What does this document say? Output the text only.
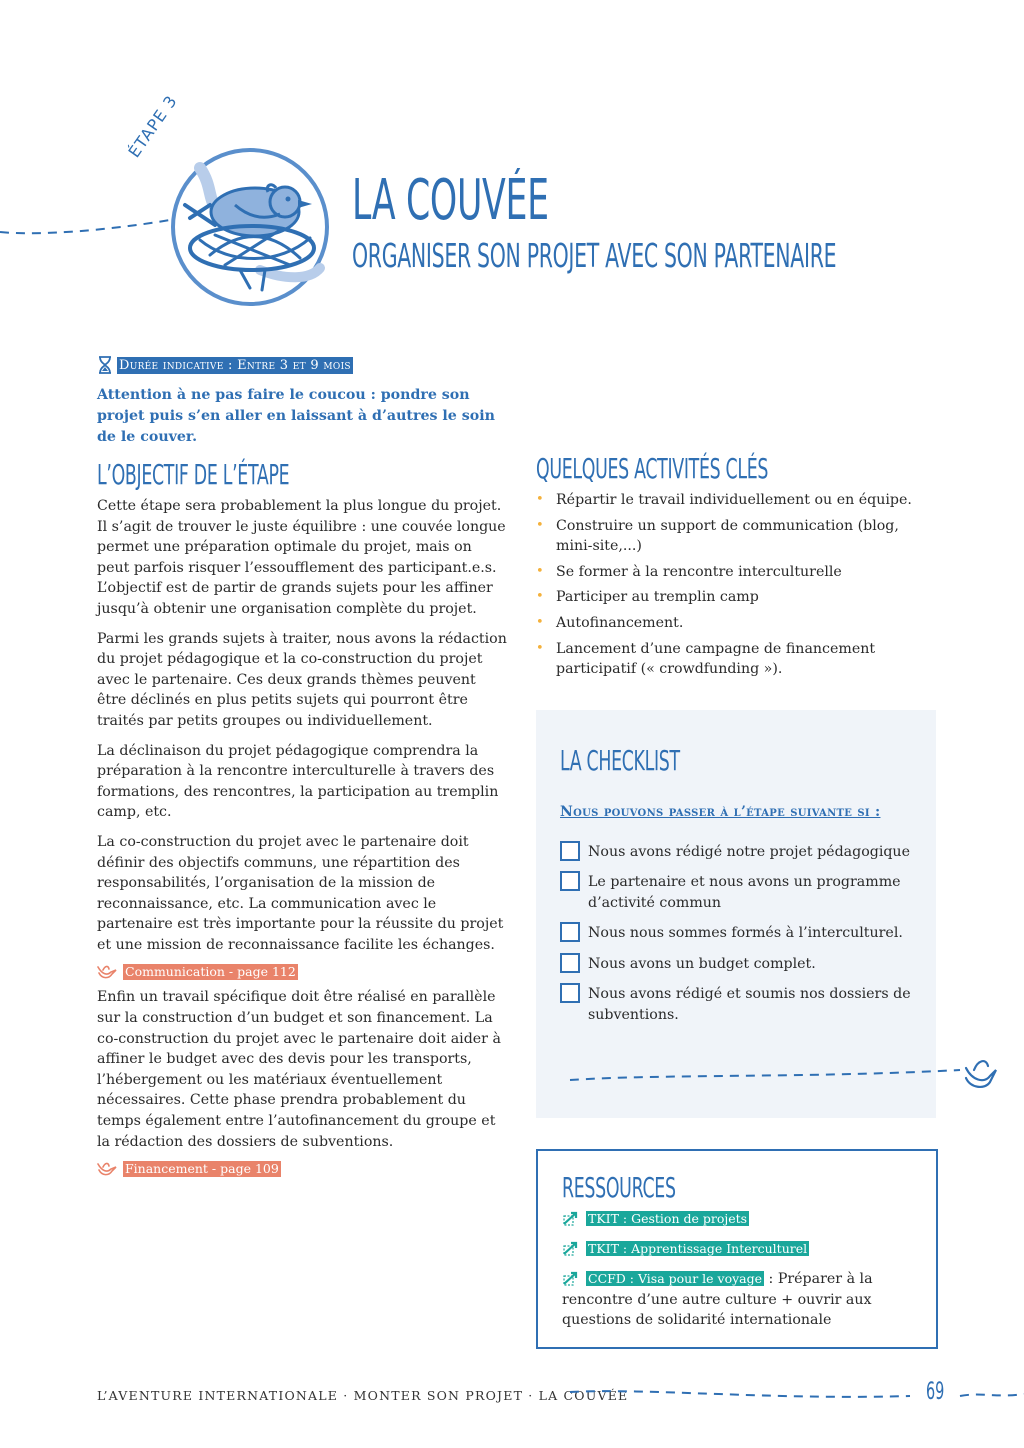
ÉTAPE 3
LA COUVÉE
ORGANISER SON PROJET AVEC SON PARTENAIRE
Durée indicative : Entre 3 et 9 mois
Attention à ne pas faire le coucou : pondre son projet puis s’en aller en laissant à d’autres le soin de le couver.
L’OBJECTIF DE L’ÉTAPE

Cette étape sera probablement la plus longue du projet. Il s’agit de trouver le juste équilibre : une couvée longue permet une préparation optimale du projet, mais on peut parfois risquer l’essoufflement des participant.e.s. L’objectif est de partir de grands sujets pour les affiner jusqu’à obtenir une organisation complète du projet.

Parmi les grands sujets à traiter, nous avons la rédaction du projet pédagogique et la co-construction du projet avec le partenaire. Ces deux grands thèmes peuvent être déclinés en plus petits sujets qui pourront être traités par petits groupes ou individuellement.

La déclinaison du projet pédagogique comprendra la préparation à la rencontre interculturelle à travers des formations, des rencontres, la participation au tremplin camp, etc.

La co-construction du projet avec le partenaire doit définir des objectifs communs, une répartition des responsabilités, l’organisation de la mission de reconnaissance, etc. La communication avec le partenaire est très importante pour la réussite du projet et une mission de reconnaissance facilite les échanges.

Communication - page 112

Enfin un travail spécifique doit être réalisé en parallèle sur la construction d’un budget et son financement. La co-construction du projet avec le partenaire doit aider à affiner le budget avec des devis pour les transports, l’hébergement ou les matériaux éventuellement nécessaires. Cette phase prendra probablement du temps également entre l’autofinancement du groupe et la rédaction des dossiers de subventions.

Financement - page 109
QUELQUES ACTIVITÉS CLÉS
• Répartir le travail individuellement ou en équipe.
• Construire un support de communication (blog, mini-site,...)
• Se former à la rencontre interculturelle
• Participer au tremplin camp
• Autofinancement.
• Lancement d’une campagne de financement participatif (« crowdfunding »).
LA CHECKLIST
Nous pouvons passer à l’étape suivante si :
Nous avons rédigé notre projet pédagogique
Le partenaire et nous avons un programme d’activité commun
Nous nous sommes formés à l’interculturel.
Nous avons un budget complet.
Nous avons rédigé et soumis nos dossiers de subventions.
RESSOURCES
TKIT : Gestion de projets
TKIT : Apprentissage Interculturel
CCFD : Visa pour le voyage : Préparer à la rencontre d’une autre culture + ouvrir aux questions de solidarité internationale
L’AVENTURE INTERNATIONALE · MONTER SON PROJET · LA COUVÉE	69
